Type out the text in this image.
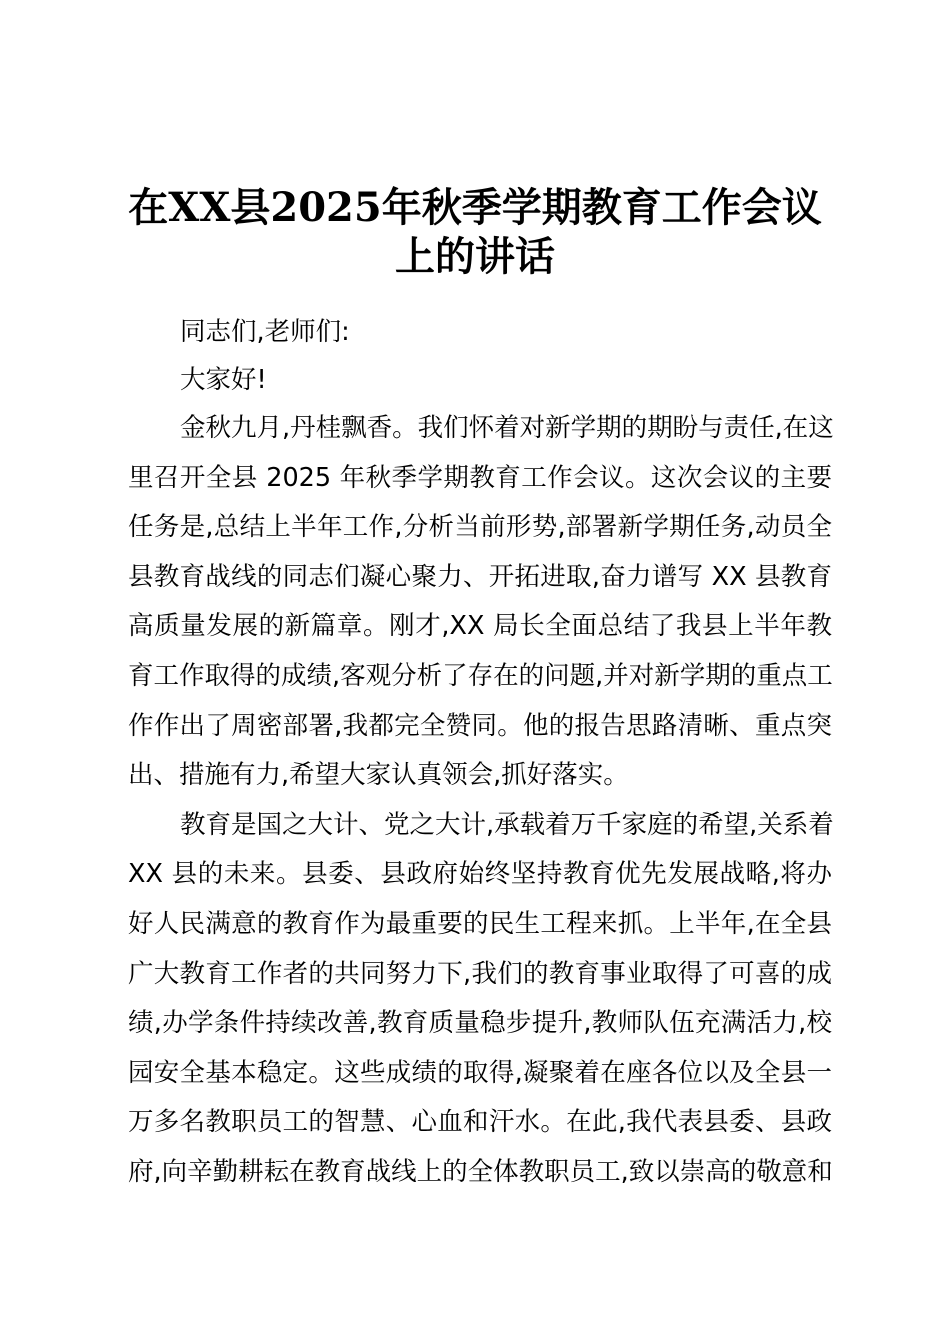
在XX县2025年秋季学期教育工作会议
上的讲话
同志们,老师们:
大家好!
金秋九月,丹桂飘香。我们怀着对新学期的期盼与责任,在这
里召开全县 2025 年秋季学期教育工作会议。这次会议的主要
任务是,总结上半年工作,分析当前形势,部署新学期任务,动员全
县教育战线的同志们凝心聚力、开拓进取,奋力谱写 XX 县教育
高质量发展的新篇章。刚才,XX 局长全面总结了我县上半年教
育工作取得的成绩,客观分析了存在的问题,并对新学期的重点工
作作出了周密部署,我都完全赞同。他的报告思路清晰、重点突
出、措施有力,希望大家认真领会,抓好落实。
教育是国之大计、党之大计,承载着万千家庭的希望,关系着
XX 县的未来。县委、县政府始终坚持教育优先发展战略,将办
好人民满意的教育作为最重要的民生工程来抓。上半年,在全县
广大教育工作者的共同努力下,我们的教育事业取得了可喜的成
绩,办学条件持续改善,教育质量稳步提升,教师队伍充满活力,校
园安全基本稳定。这些成绩的取得,凝聚着在座各位以及全县一
万多名教职员工的智慧、心血和汗水。在此,我代表县委、县政
府,向辛勤耕耘在教育战线上的全体教职员工,致以崇高的敬意和
